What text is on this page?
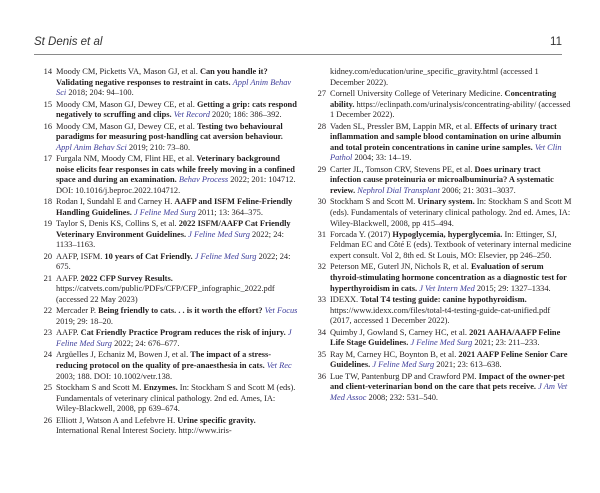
St Denis et al	11
14 Moody CM, Picketts VA, Mason GJ, et al. Can you handle it? Validating negative responses to restraint in cats. Appl Anim Behav Sci 2018; 204: 94–100.
15 Moody CM, Mason GJ, Dewey CE, et al. Getting a grip: cats respond negatively to scruffing and clips. Vet Record 2020; 186: 386–392.
16 Moody CM, Mason GJ, Dewey CE, et al. Testing two behavioural paradigms for measuring post-handling cat aversion behaviour. Appl Anim Behav Sci 2019; 210: 73–80.
17 Furgala NM, Moody CM, Flint HE, et al. Veterinary background noise elicits fear responses in cats while freely moving in a confined space and during an examination. Behav Process 2022; 201: 104712. DOI: 10.1016/j.beproc.2022.104712.
18 Rodan I, Sundahl E and Carney H. AAFP and ISFM Feline-Friendly Handling Guidelines. J Feline Med Surg 2011; 13: 364–375.
19 Taylor S, Denis KS, Collins S, et al. 2022 ISFM/AAFP Cat Friendly Veterinary Environment Guidelines. J Feline Med Surg 2022; 24: 1133–1163.
20 AAFP, ISFM. 10 years of Cat Friendly. J Feline Med Surg 2022; 24: 675.
21 AAFP. 2022 CFP Survey Results. https://catvets.com/public/PDFs/CFP/CFP_infographic_2022.pdf (accessed 22 May 2023)
22 Mercader P. Being friendly to cats. . . is it worth the effort? Vet Focus 2019; 29: 18–20.
23 AAFP. Cat Friendly Practice Program reduces the risk of injury. J Feline Med Surg 2022; 24: 676–677.
24 Argüelles J, Echaniz M, Bowen J, et al. The impact of a stress-reducing protocol on the quality of pre-anaesthesia in cats. Vet Rec 2003; 188. DOI: 10.1002/vetr.138.
25 Stockham S and Scott M. Enzymes. In: Stockham S and Scott M (eds). Fundamentals of veterinary clinical pathology. 2nd ed. Ames, IA: Wiley-Blackwell, 2008, pp 639–674.
26 Elliott J, Watson A and Lefebvre H. Urine specific gravity. International Renal Interest Society. http://www.iris-
kidney.com/education/urine_specific_gravity.html (accessed 1 December 2022).
27 Cornell University College of Veterinary Medicine. Concentrating ability. https://eclinpath.com/urinalysis/concentrating-ability/ (accessed 1 December 2022).
28 Vaden SL, Pressler BM, Lappin MR, et al. Effects of urinary tract inflammation and sample blood contamination on urine albumin and total protein concentrations in canine urine samples. Vet Clin Pathol 2004; 33: 14–19.
29 Carter JL, Tomson CRV, Stevens PE, et al. Does urinary tract infection cause proteinuria or microalbuminuria? A systematic review. Nephrol Dial Transplant 2006; 21: 3031–3037.
30 Stockham S and Scott M. Urinary system. In: Stockham S and Scott M (eds). Fundamentals of veterinary clinical pathology. 2nd ed. Ames, IA: Wiley-Blackwell, 2008, pp 415–494.
31 Forcada Y. (2017) Hypoglycemia, hyperglycemia. In: Ettinger, SJ, Feldman EC and Côté E (eds). Textbook of veterinary internal medicine expert consult. Vol 2, 8th ed. St Louis, MO: Elsevier, pp 246–250.
32 Peterson ME, Guterl JN, Nichols R, et al. Evaluation of serum thyroid-stimulating hormone concentration as a diagnostic test for hyperthyroidism in cats. J Vet Intern Med 2015; 29: 1327–1334.
33 IDEXX. Total T4 testing guide: canine hypothyroidism. https://www.idexx.com/files/total-t4-testing-guide-cat-unified.pdf (2017, accessed 1 December 2022).
34 Quimby J, Gowland S, Carney HC, et al. 2021 AAHA/AAFP Feline Life Stage Guidelines. J Feline Med Surg 2021; 23: 211–233.
35 Ray M, Carney HC, Boynton B, et al. 2021 AAFP Feline Senior Care Guidelines. J Feline Med Surg 2021; 23: 613–638.
36 Lue TW, Pantenburg DP and Crawford PM. Impact of the owner-pet and client-veterinarian bond on the care that pets receive. J Am Vet Med Assoc 2008; 232: 531–540.
